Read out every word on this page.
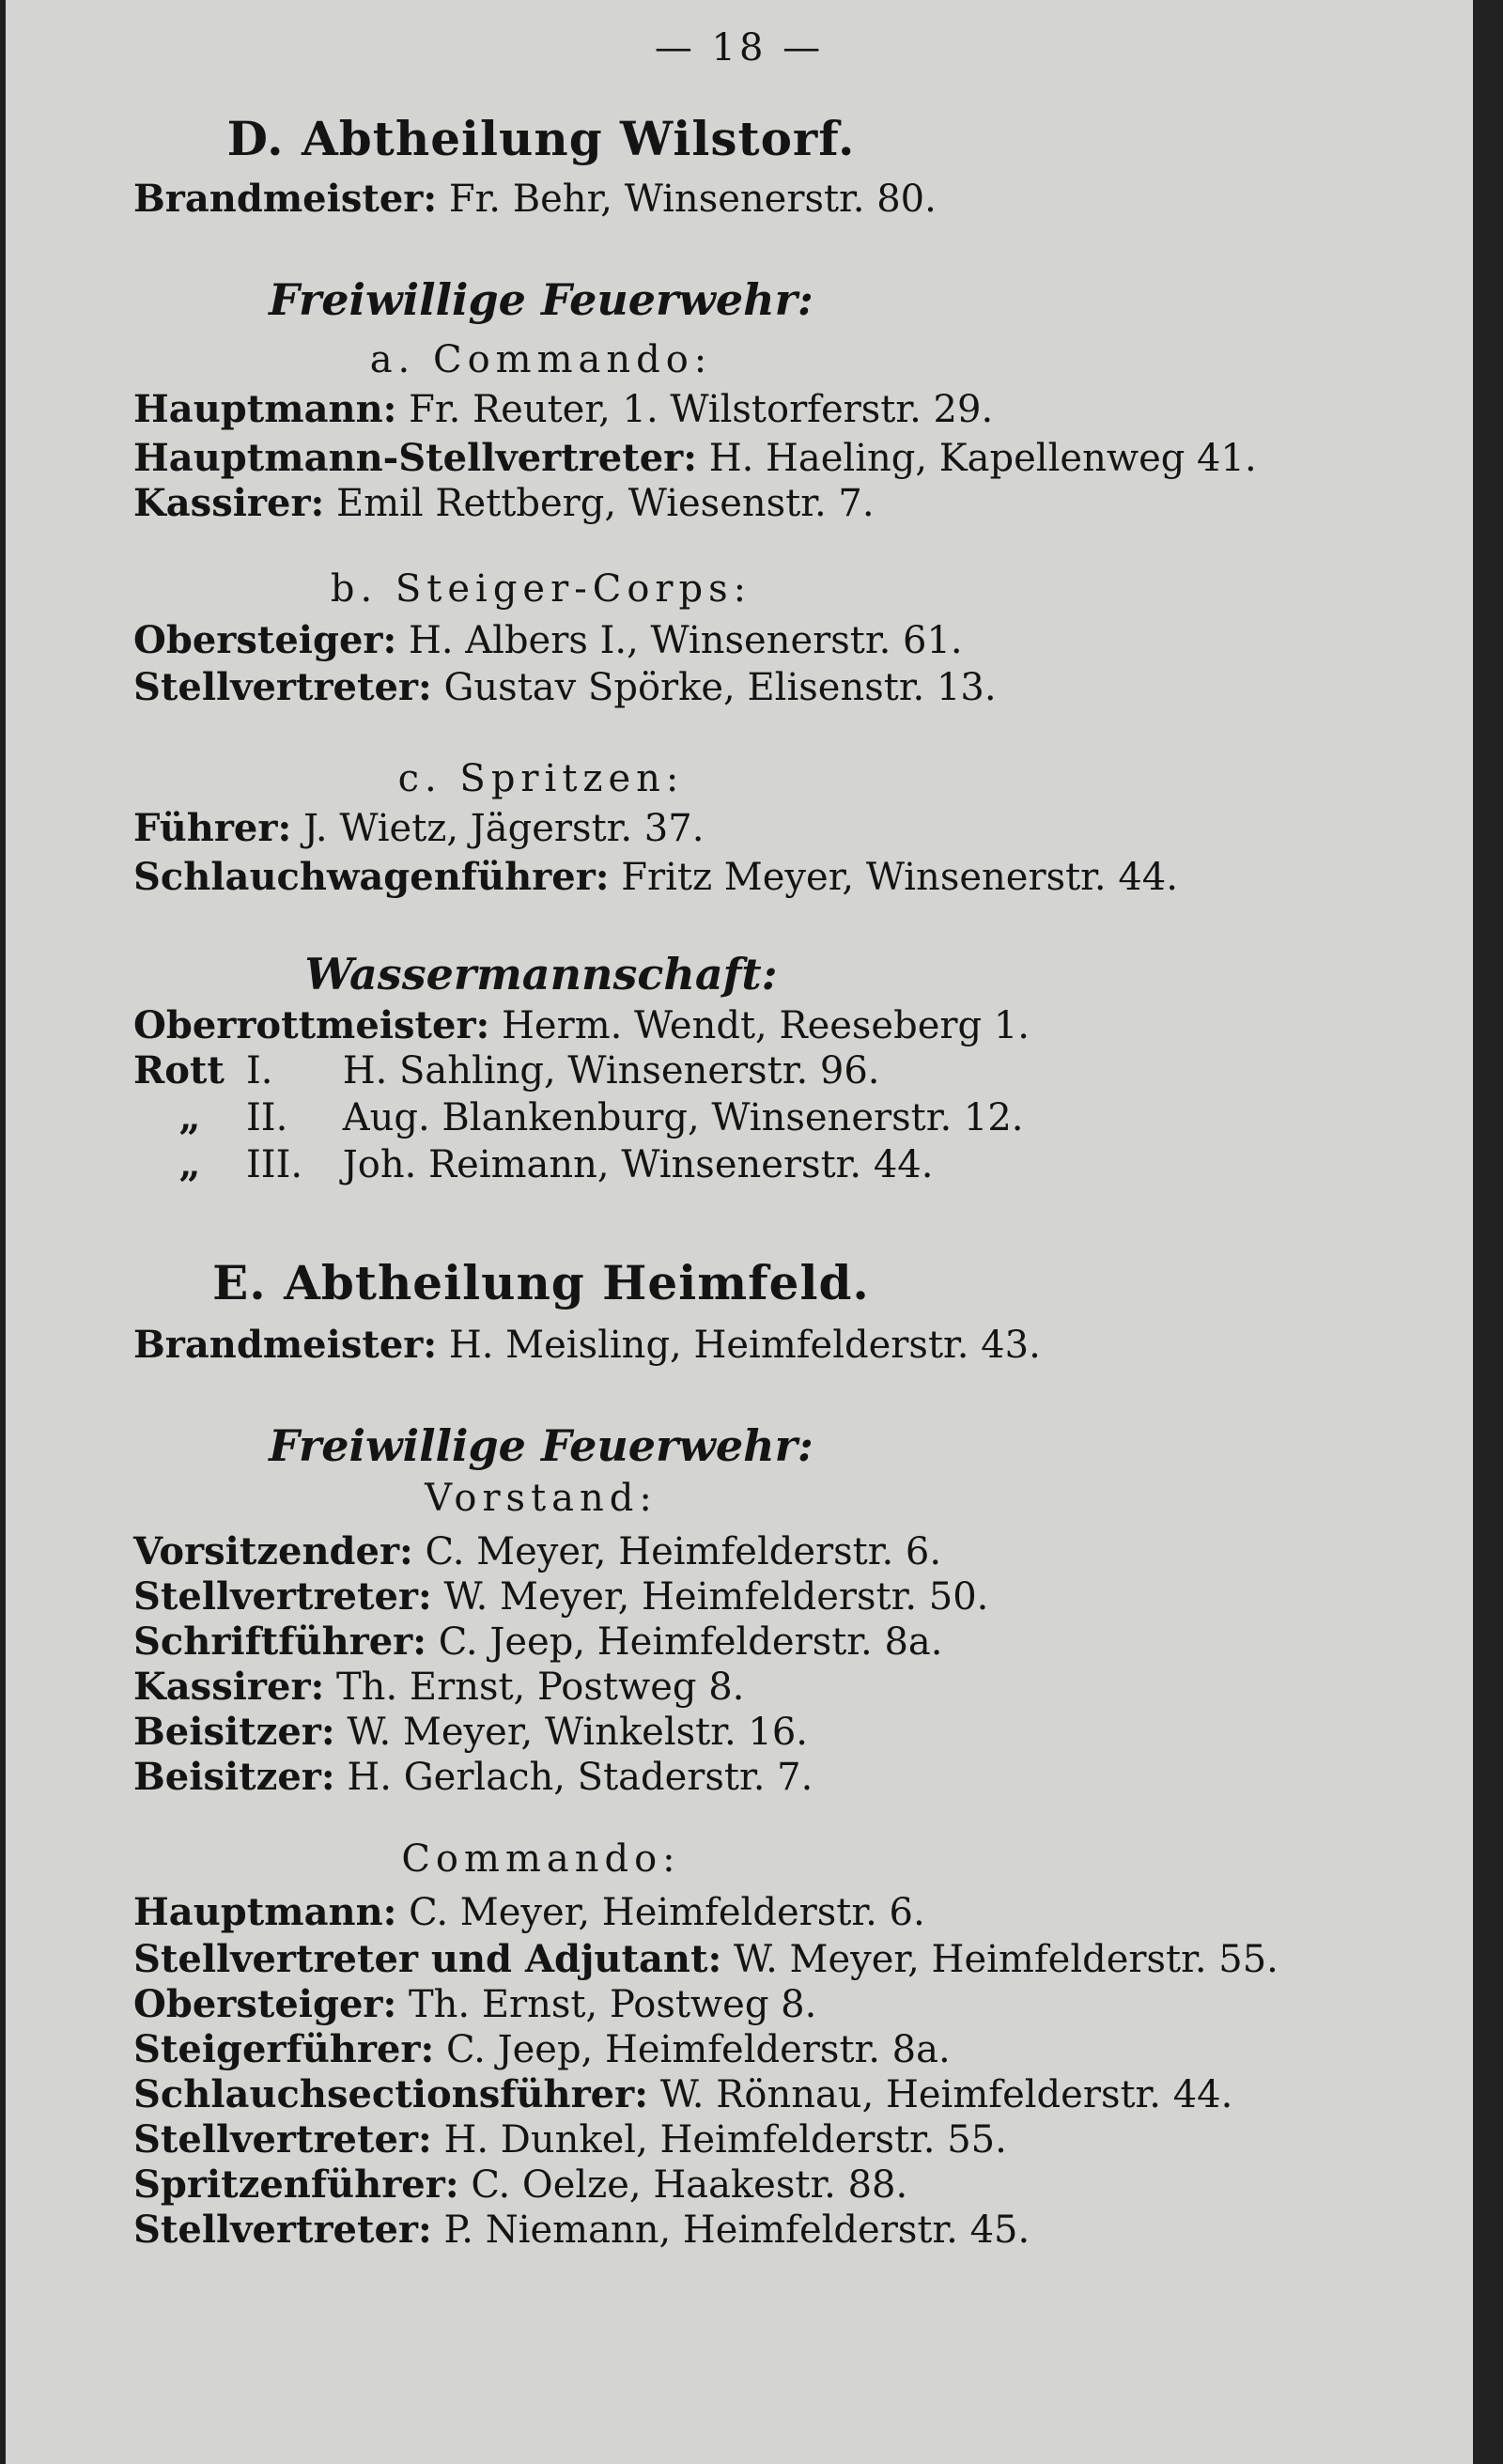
— 18 —
D. Abtheilung Wilstorf.
Brandmeister: Fr. Behr, Winsenerstr. 80.
Freiwillige Feuerwehr:
a. Commando:
Hauptmann: Fr. Reuter, 1. Wilstorferstr. 29.
Hauptmann-Stellvertreter: H. Haeling, Kapellenweg 41.
Kassirer: Emil Rettberg, Wiesenstr. 7.
b. Steiger-Corps:
Obersteiger: H. Albers I., Winsenerstr. 61.
Stellvertreter: Gustav Spörke, Elisenstr. 13.
c. Spritzen:
Führer: J. Wietz, Jägerstr. 37.
Schlauchwagenführer: Fritz Meyer, Winsenerstr. 44.
Wassermannschaft:
Oberrottmeister: Herm. Wendt, Reeseberg 1.
Rott I. H. Sahling, Winsenerstr. 96.
„ II. Aug. Blankenburg, Winsenerstr. 12.
„ III. Joh. Reimann, Winsenerstr. 44.
E. Abtheilung Heimfeld.
Brandmeister: H. Meisling, Heimfelderstr. 43.
Freiwillige Feuerwehr:
Vorstand:
Vorsitzender: C. Meyer, Heimfelderstr. 6.
Stellvertreter: W. Meyer, Heimfelderstr. 50.
Schriftführer: C. Jeep, Heimfelderstr. 8a.
Kassirer: Th. Ernst, Postweg 8.
Beisitzer: W. Meyer, Winkelstr. 16.
Beisitzer: H. Gerlach, Staderstr. 7.
Commando:
Hauptmann: C. Meyer, Heimfelderstr. 6.
Stellvertreter und Adjutant: W. Meyer, Heimfelderstr. 55.
Obersteiger: Th. Ernst, Postweg 8.
Steigerführer: C. Jeep, Heimfelderstr. 8a.
Schlauchsectionsführer: W. Rönnau, Heimfelderstr. 44.
Stellvertreter: H. Dunkel, Heimfelderstr. 55.
Spritzenführer: C. Oelze, Haakestr. 88.
Stellvertreter: P. Niemann, Heimfelderstr. 45.
